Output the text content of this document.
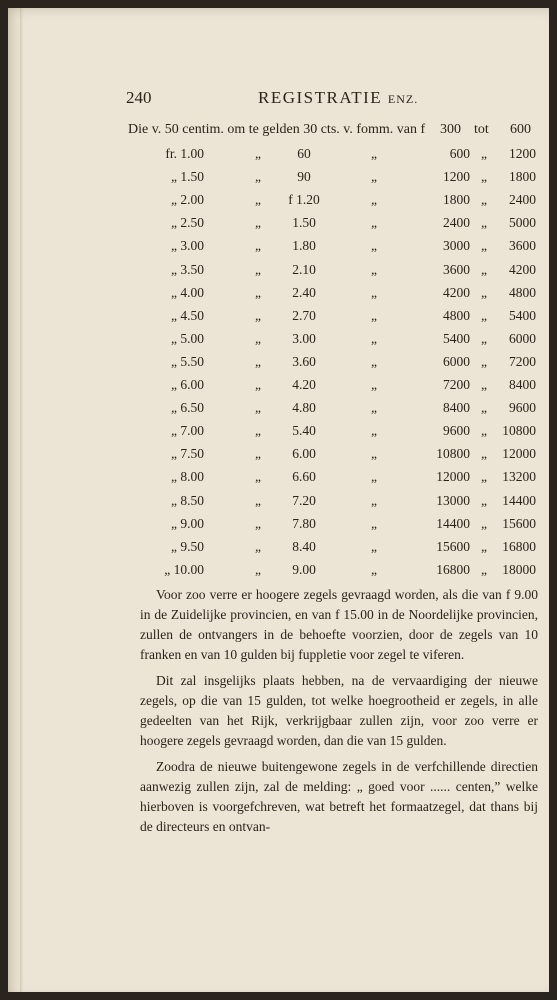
240	REGISTRATIE ENZ.
Die v. 50 centim. om te gelden 30 cts. v. fomm. van f 300 tot 600
fr. 1.00	„	60	„	600 „	1200
„ 1.50	„	90	„	1200 „	1800
„ 2.00	„	f 1.20	„	1800 „	2400
„ 2.50	„	1.50	„	2400 „	5000
„ 3.00	„	1.80	„	3000 „	3600
„ 3.50	„	2.10	„	3600 „	4200
„ 4.00	„	2.40	„	4200 „	4800
„ 4.50	„	2.70	„	4800 „	5400
„ 5.00	„	3.00	„	5400 „	6000
„ 5.50	„	3.60	„	6000 „	7200
„ 6.00	„	4.20	„	7200 „	8400
„ 6.50	„	4.80	„	8400 „	9600
„ 7.00	„	5.40	„	9600 „	10800
„ 7.50	„	6.00	„	10800 „	12000
„ 8.00	„	6.60	„	12000 „	13200
„ 8.50	„	7.20	„	13000 „	14400
„ 9.00	„	7.80	„	14400 „	15600
„ 9.50	„	8.40	„	15600 „	16800
„ 10.00	„	9.00	„	16800 „	18000

Voor zoo verre er hoogere zegels gevraagd worden, als die van f 9.00 in de Zuidelijke provincien, en van f 15.00 in de Noordelijke provincien, zullen de ontvangers in de behoefte voorzien, door de zegels van 10 franken en van 10 gulden bij fuppletie voor zegel te viferen.

Dit zal insgelijks plaats hebben, na de vervaardiging der nieuwe zegels, op die van 15 gulden, tot welke hoegrootheid er zegels, in alle gedeelten van het Rijk, verkrijgbaar zullen zijn, voor zoo verre er hoogere zegels gevraagd worden, dan die van 15 gulden.

Zoodra de nieuwe buitengewone zegels in de verfchillende directien aanwezig zullen zijn, zal de melding: „ goed voor ...... centen,” welke hierboven is voorgefchreven, wat betreft het formaatzegel, dat thans bij de directeurs en ontvan-
